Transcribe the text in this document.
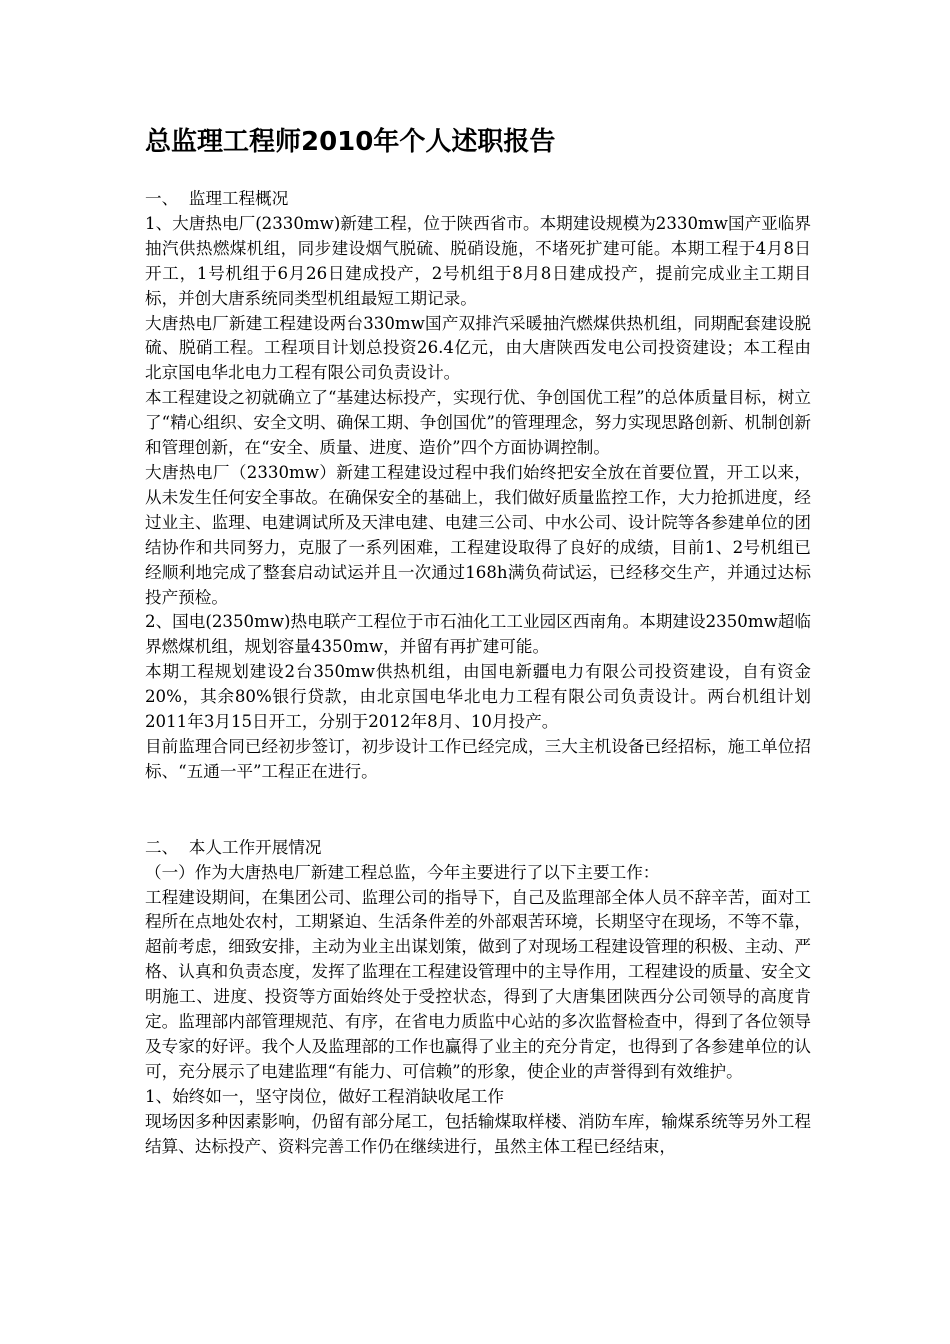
总监理工程师2010年个人述职报告

一、  监理工程概况

1、大唐热电厂(2330mw)新建工程，位于陕西省市。本期建设规模为2330mw国产亚临界抽汽供热燃煤机组，同步建设烟气脱硫、脱硝设施，不堵死扩建可能。本期工程于4月8日开工，1号机组于6月26日建成投产，2号机组于8月8日建成投产，提前完成业主工期目标，并创大唐系统同类型机组最短工期记录。

大唐热电厂新建工程建设两台330mw国产双排汽采暖抽汽燃煤供热机组，同期配套建设脱硫、脱硝工程。工程项目计划总投资26.4亿元，由大唐陕西发电公司投资建设；本工程由北京国电华北电力工程有限公司负责设计。

本工程建设之初就确立了“基建达标投产，实现行优、争创国优工程”的总体质量目标，树立了“精心组织、安全文明、确保工期、争创国优”的管理理念，努力实现思路创新、机制创新和管理创新，在“安全、质量、进度、造价”四个方面协调控制。

大唐热电厂（2330mw）新建工程建设过程中我们始终把安全放在首要位置，开工以来，从未发生任何安全事故。在确保安全的基础上，我们做好质量监控工作，大力抢抓进度，经过业主、监理、电建调试所及天津电建、电建三公司、中水公司、设计院等各参建单位的团结协作和共同努力，克服了一系列困难，工程建设取得了良好的成绩，目前1、2号机组已经顺利地完成了整套启动试运并且一次通过168h满负荷试运，已经移交生产，并通过达标投产预检。

2、国电(2350mw)热电联产工程位于市石油化工工业园区西南角。本期建设2350mw超临界燃煤机组，规划容量4350mw，并留有再扩建可能。

本期工程规划建设2台350mw供热机组，由国电新疆电力有限公司投资建设，自有资金20%，其余80%银行贷款，由北京国电华北电力工程有限公司负责设计。两台机组计划2011年3月15日开工，分别于2012年8月、10月投产。

目前监理合同已经初步签订，初步设计工作已经完成，三大主机设备已经招标，施工单位招标、“五通一平”工程正在进行。

二、  本人工作开展情况

（一）作为大唐热电厂新建工程总监，今年主要进行了以下主要工作：

工程建设期间，在集团公司、监理公司的指导下，自己及监理部全体人员不辞辛苦，面对工程所在点地处农村，工期紧迫、生活条件差的外部艰苦环境，长期坚守在现场，不等不靠，超前考虑，细致安排，主动为业主出谋划策，做到了对现场工程建设管理的积极、主动、严格、认真和负责态度，发挥了监理在工程建设管理中的主导作用，工程建设的质量、安全文明施工、进度、投资等方面始终处于受控状态，得到了大唐集团陕西分公司领导的高度肯定。监理部内部管理规范、有序，在省电力质监中心站的多次监督检查中，得到了各位领导及专家的好评。我个人及监理部的工作也赢得了业主的充分肯定，也得到了各参建单位的认可，充分展示了电建监理“有能力、可信赖”的形象，使企业的声誉得到有效维护。

1、始终如一，坚守岗位，做好工程消缺收尾工作

现场因多种因素影响，仍留有部分尾工，包括输煤取样楼、消防车库，输煤系统等另外工程结算、达标投产、资料完善工作仍在继续进行，虽然主体工程已经结束，
